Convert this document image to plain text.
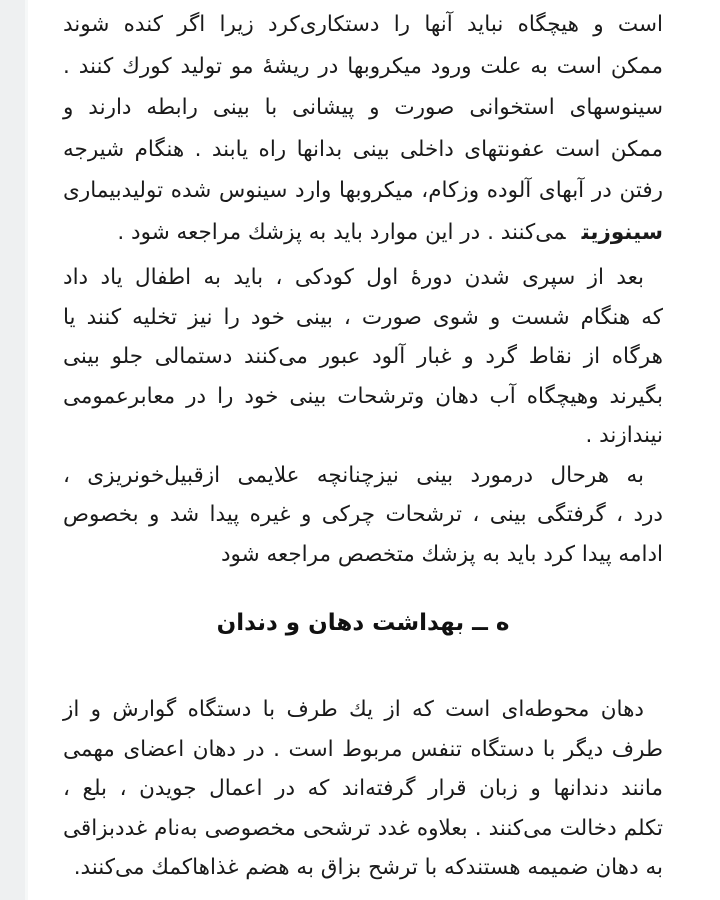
است و هیچگاه نباید آنها را دستکاری‌کرد زیرا اگر کنده شوند
ممکن است به علت ورود میکروبها در ریشهٔ مو تولید کورك کنند .
سینوسهای استخوانی صورت و پیشانی با بینی رابطه دارند و
ممکن است عفونتهای داخلی بینی بدانها راه یابند . هنگام شیرجه
رفتن در آبهای آلوده وزکام، میکروبها وارد سینوس شده تولیدبیماری
سینوزیتمی‌کنند . در این موارد باید به پزشك مراجعه شود .
بعد از سپری شدن دورهٔ اول کودکی ، باید به اطفال یاد داد
که هنگام شست و شوی صورت ، بینی خود را نیز تخلیه کنند یا
هرگاه از نقاط گرد و غبار آلود عبور می‌کنند دستمالی جلو بینی
بگیرند وهیچگاه آب دهان وترشحات بینی خود را در معابرعمومی
نیندازند .
به هرحال درمورد بینی نیزچنانچه علایمی ازقبیل‌خونریزی ،
درد ، گرفتگی بینی ، ترشحات چرکی و غیره پیدا شد و بخصوص
ادامه پیدا کرد باید به پزشك متخصص مراجعه شود
ه ــ بهداشت دهان و دندان
دهان محوطه‌ای است که از یك طرف با دستگاه گوارش و از
طرف دیگر با دستگاه تنفس مربوط است . در دهان اعضای مهمی
مانند دندانها و زبان قرار گرفته‌اند که در اعمال جویدن ، بلع ،
تکلم دخالت می‌کنند . بعلاوه غدد ترشحی مخصوصی به‌نام غددبزاقی
به دهان ضمیمه هستندکه با ترشح بزاق به هضم غذاهاکمك می‌کنند.
